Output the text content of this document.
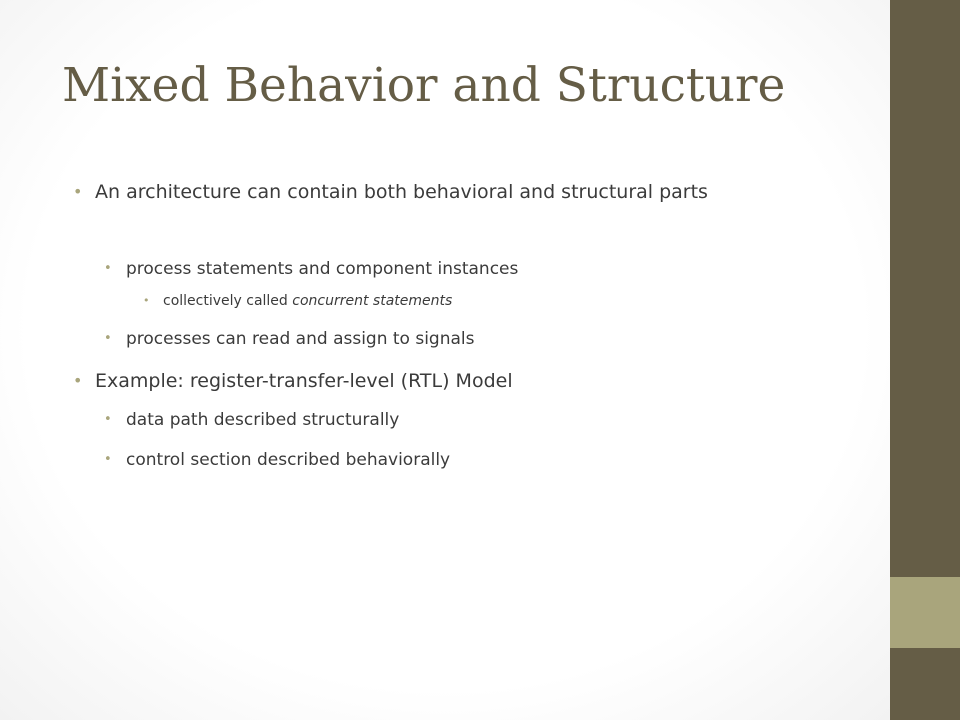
Mixed Behavior and Structure
• An architecture can contain both behavioral and structural parts
• process statements and component instances
• collectively called concurrent statements
• processes can read and assign to signals
• Example: register-transfer-level (RTL) Model
• data path described structurally
• control section described behaviorally
